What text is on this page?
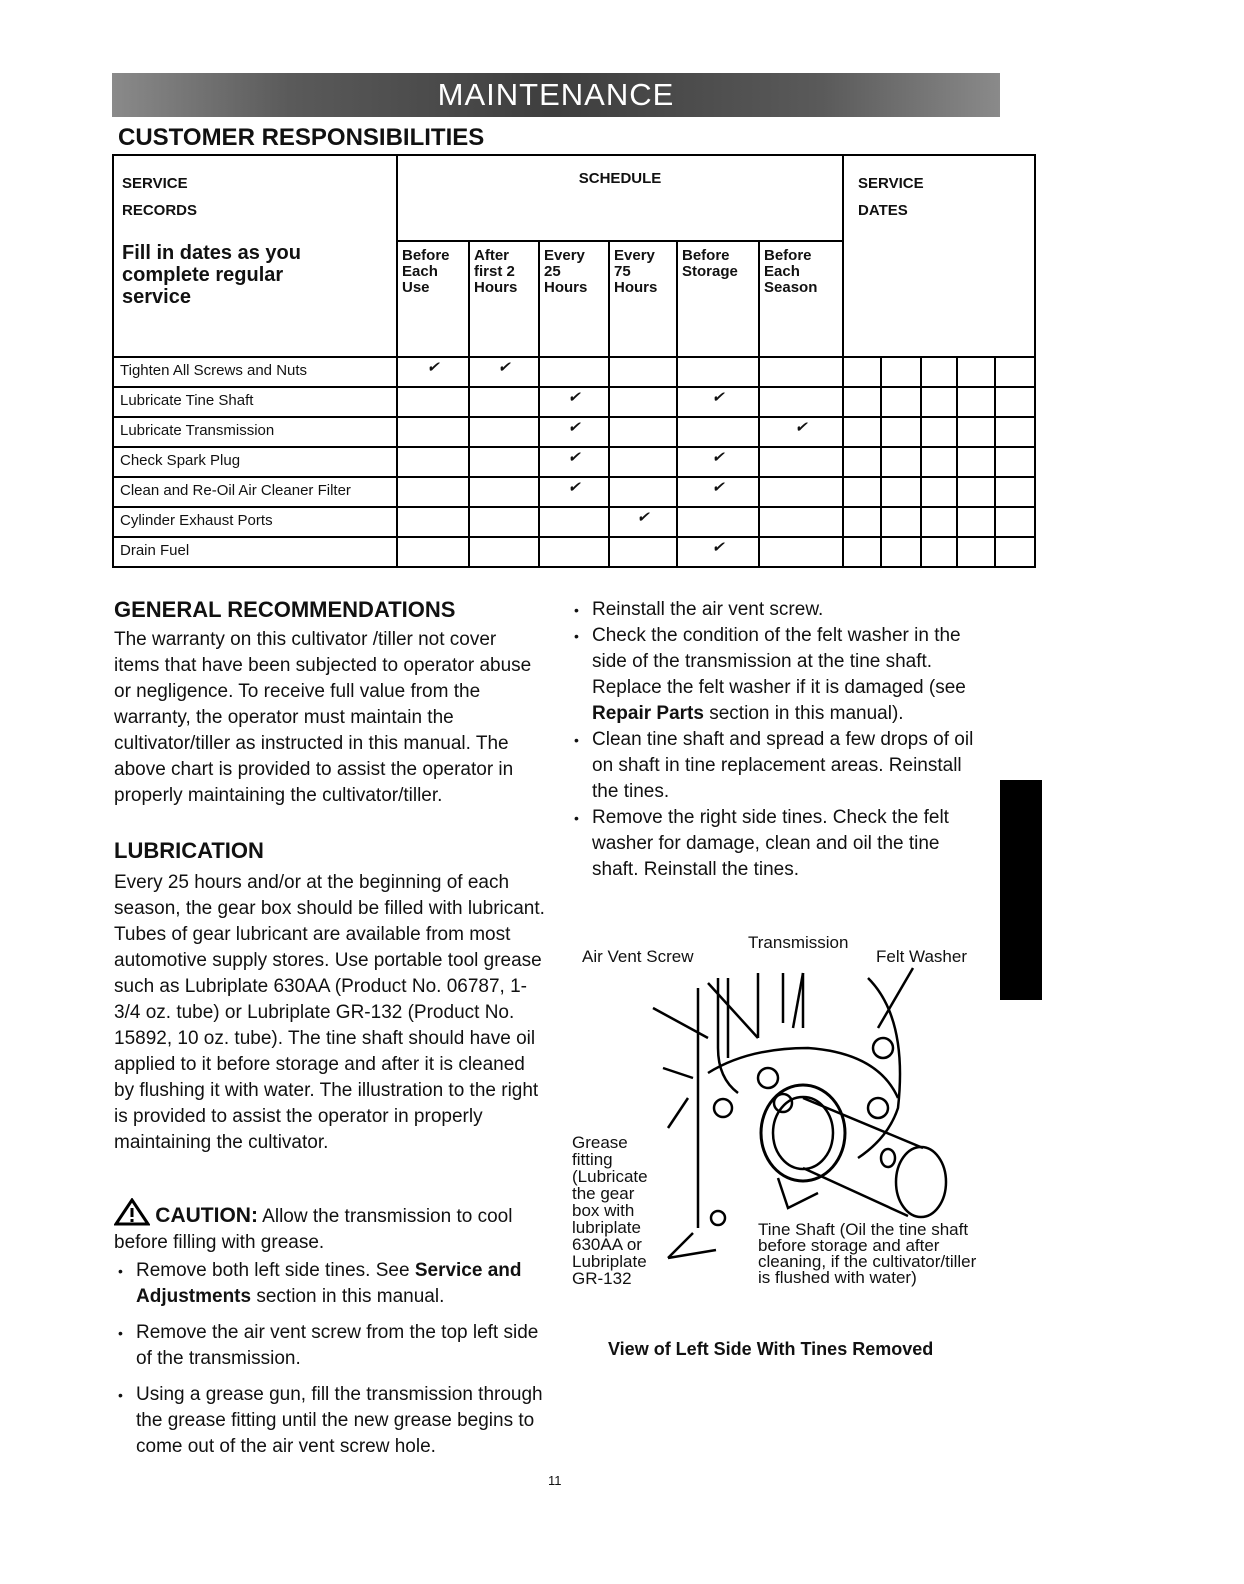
MAINTENANCE
CUSTOMER RESPONSIBILITIES
SERVICE RECORDS
Fill in dates as you complete regular service	SCHEDULE						SERVICE DATES				

	Before Each Use	After first 2 Hours	Every 25 Hours	Every 75 Hours	Before Storage	Before Each Season					
Tighten All Screws and Nuts	✔	✔									
Lubricate Tine Shaft			✔		✔						
Lubricate Transmission			✔			✔					
Check Spark Plug			✔		✔						
Clean and Re-Oil Air Cleaner Filter			✔		✔						
Cylinder Exhaust Ports				✔							
Drain Fuel					✔						
GENERAL RECOMMENDATIONS
The warranty on this cultivator /tiller not cover items that have been subjected to operator abuse or negligence. To receive full value from the warranty, the operator must maintain the cultivator/tiller as instructed in this manual. The above chart is provided to assist the operator in properly maintaining the cultivator/tiller.
LUBRICATION
Every 25 hours and/or at the beginning of each season, the gear box should be filled with lubricant. Tubes of gear lubricant are available from most automotive supply stores. Use portable tool grease such as Lubriplate 630AA (Product No. 06787, 1-3/4 oz. tube) or Lubriplate GR-132 (Product No. 15892, 10 oz. tube). The tine shaft should have oil applied to it before storage and after it is cleaned by flushing it with water. The illustration to the right is provided to assist the operator in properly maintaining the cultivator.
CAUTION: Allow the transmission to cool before filling with grease.
• Remove both left side tines. See Service and Adjustments section in this manual.
• Remove the air vent screw from the top left side of the transmission.
• Using a grease gun, fill the transmission through the grease fitting until the new grease begins to come out of the air vent screw hole.
• Reinstall the air vent screw.
• Check the condition of the felt washer in the side of the transmission at the tine shaft. Replace the felt washer if it is damaged (see Repair Parts section in this manual).
• Clean tine shaft and spread a few drops of oil on shaft in tine replacement areas. Reinstall the tines.
• Remove the right side tines. Check the felt washer for damage, clean and oil the tine shaft. Reinstall the tines.
Air Vent Screw
Transmission
Felt Washer
Grease fitting (Lubricate the gear box with lubriplate 630AA or Lubriplate GR-132
Tine Shaft (Oil the tine shaft before storage and after cleaning, if the cultivator/tiller is flushed with water)
View of Left Side With Tines Removed
11
